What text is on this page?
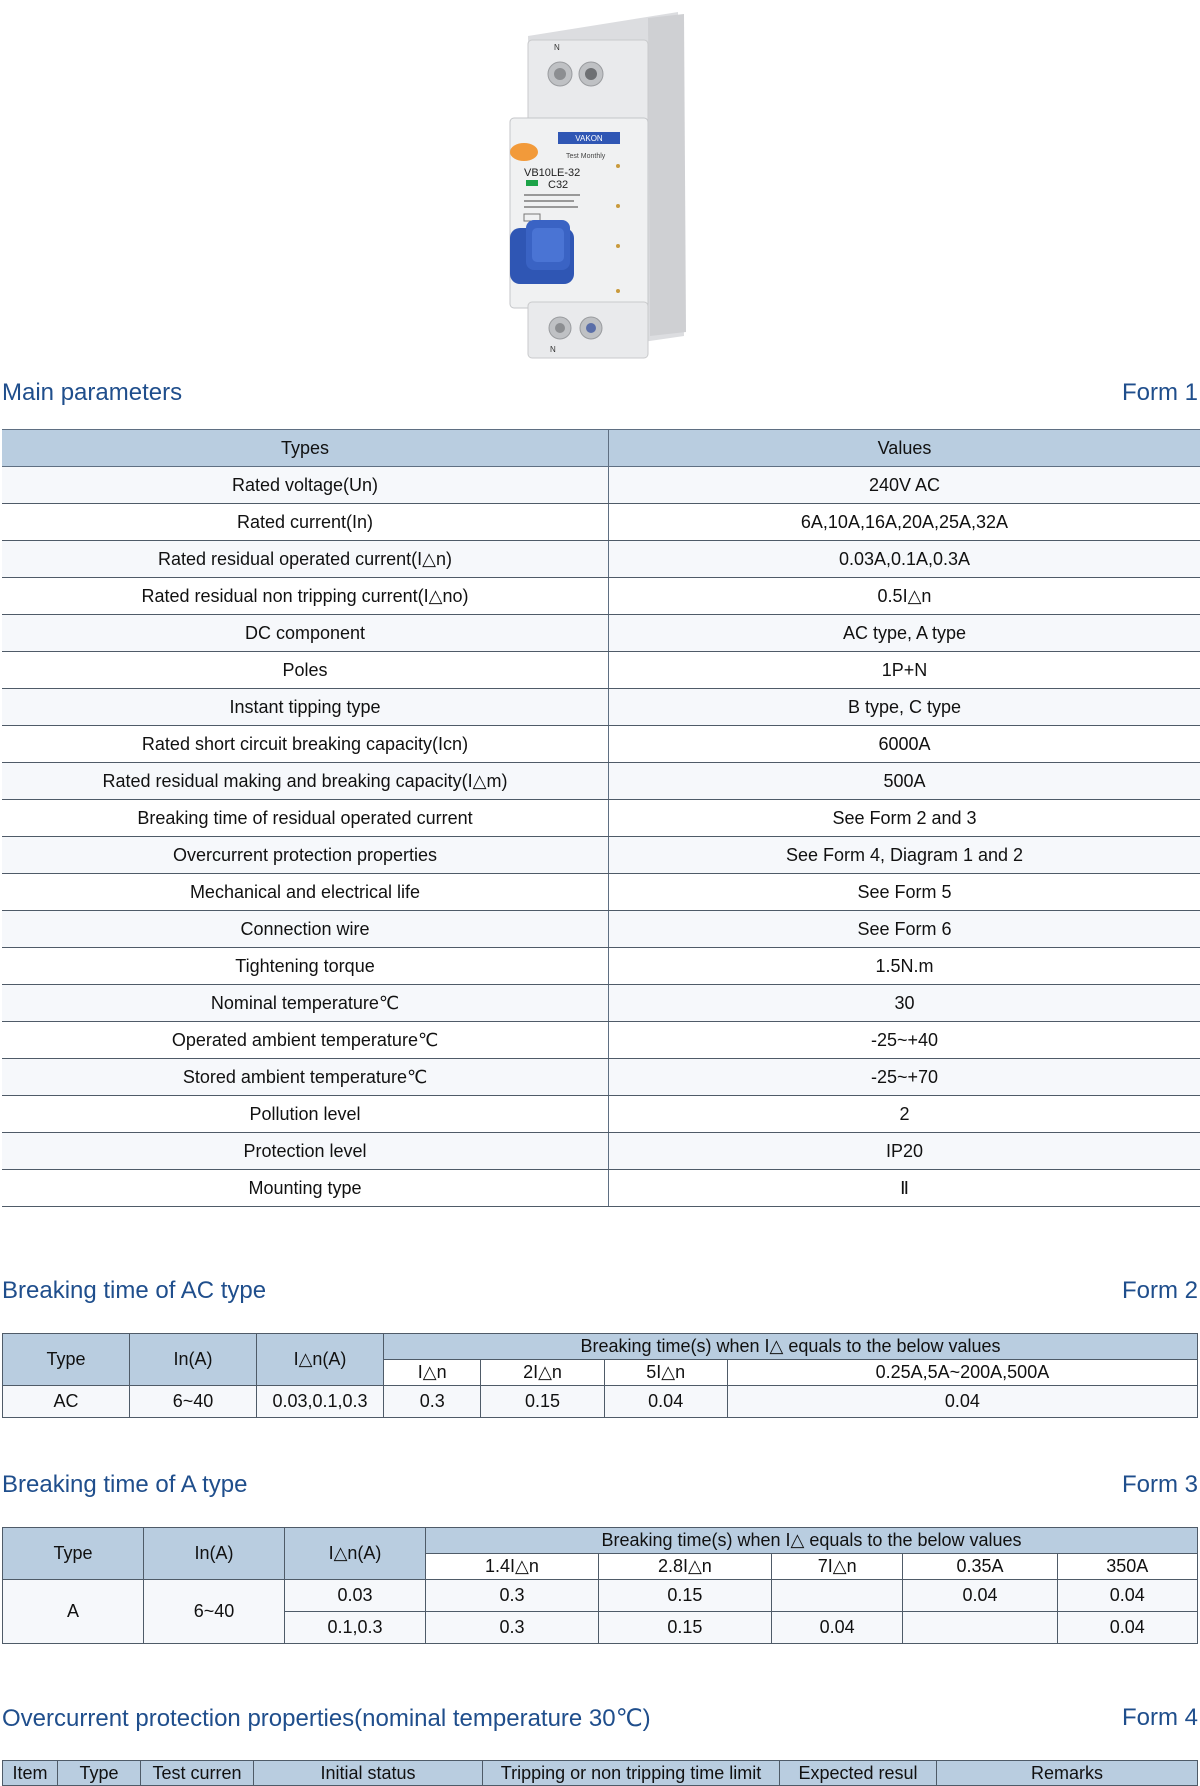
N
VAKON
Test Monthly
VB10LE-32
C32
N
Main parameters	Form 1
Types	Values
Rated voltage(Un)	240V AC
Rated current(In)	6A,10A,16A,20A,25A,32A
Rated residual operated current(I△n)	0.03A,0.1A,0.3A
Rated residual non tripping current(I△no)	0.5I△n
DC component	AC type, A type
Poles	1P+N
Instant tipping type	B type, C type
Rated short circuit breaking capacity(Icn)	6000A
Rated residual making and breaking capacity(I△m)	500A
Breaking time of residual operated current	See Form 2 and 3
Overcurrent protection properties	See Form 4, Diagram 1 and 2
Mechanical and electrical life	See Form 5
Connection wire	See Form 6
Tightening torque	1.5N.m
Nominal temperature℃	30
Operated ambient temperature℃	-25~+40
Stored ambient temperature℃	-25~+70
Pollution level	2
Protection level	IP20
Mounting type	Ⅱ
Breaking time of AC type	Form 2
Type	In(A)	I△n(A)	Breaking time(s) when I△ equals to the below values			
			I△n	2I△n	5I△n	0.25A,5A~200A,500A
AC	6~40	0.03,0.1,0.3	0.3	0.15	0.04	0.04
Breaking time of A type	Form 3
Type	In(A)	I△n(A)	Breaking time(s) when I△ equals to the below values				
			1.4I△n	2.8I△n	7I△n	0.35A	350A
A	6~40	0.03	0.3	0.15		0.04	0.04
		0.1,0.3	0.3	0.15	0.04		0.04
Overcurrent protection properties(nominal temperature 30℃)	Form 4
Item	Type	Test curren	Initial status	Tripping or non tripping time limit	Expected resul	Remarks
